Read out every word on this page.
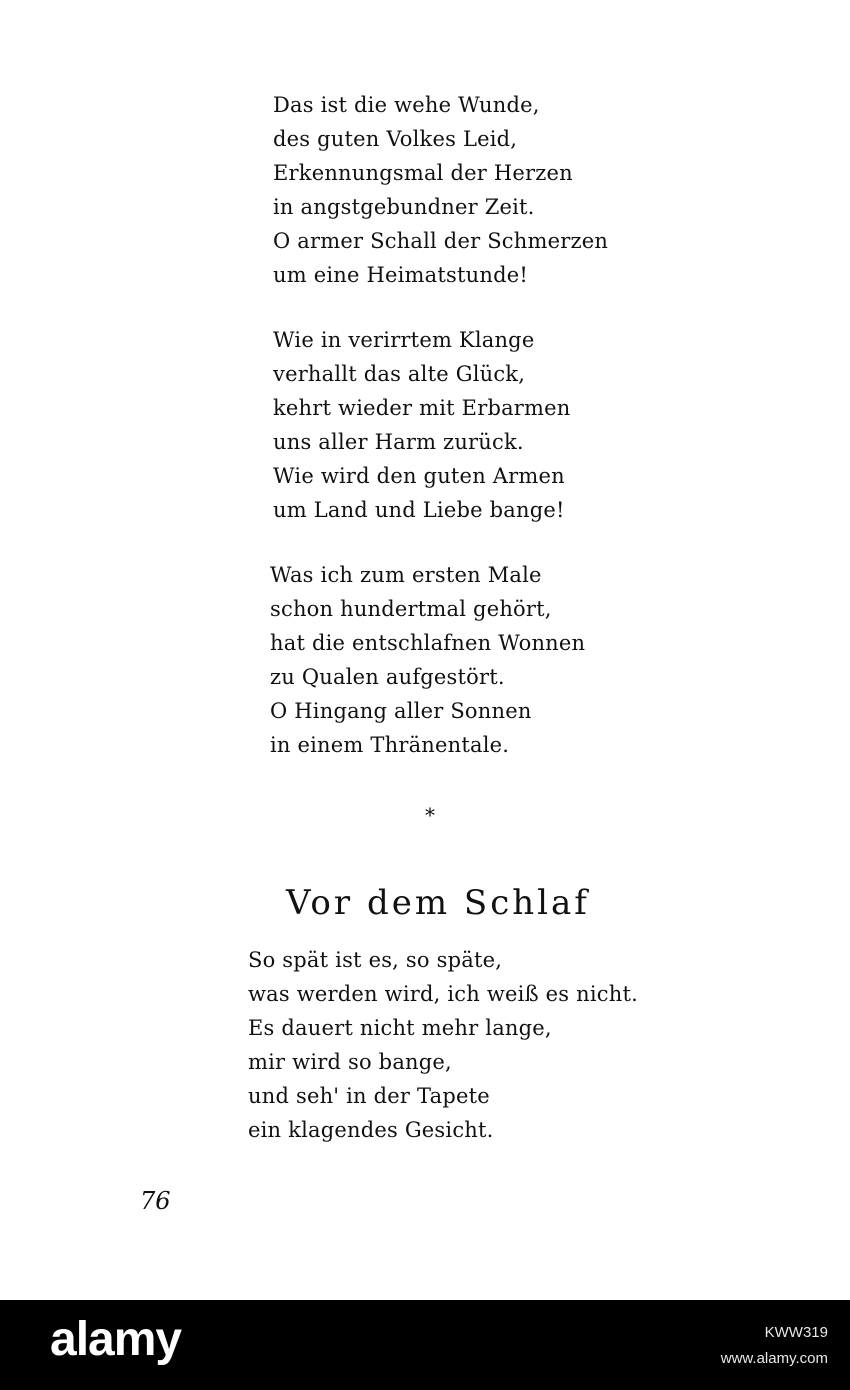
Das ist die wehe Wunde,
des guten Volkes Leid,
Erkennungsmal der Herzen
in angstgebundner Zeit.
O armer Schall der Schmerzen
um eine Heimatstunde!
Wie in verirrtem Klange
verhallt das alte Glück,
kehrt wieder mit Erbarmen
uns aller Harm zurück.
Wie wird den guten Armen
um Land und Liebe bange!
Was ich zum ersten Male
schon hundertmal gehört,
hat die entschlafnen Wonnen
zu Qualen aufgestört.
O Hingang aller Sonnen
in einem Thränentale.
*
Vor dem Schlaf
So spät ist es, so späte,
was werden wird, ich weiß es nicht.
Es dauert nicht mehr lange,
mir wird so bange,
und seh' in der Tapete
ein klagendes Gesicht.
76
alamy	KWW319
www.alamy.com
